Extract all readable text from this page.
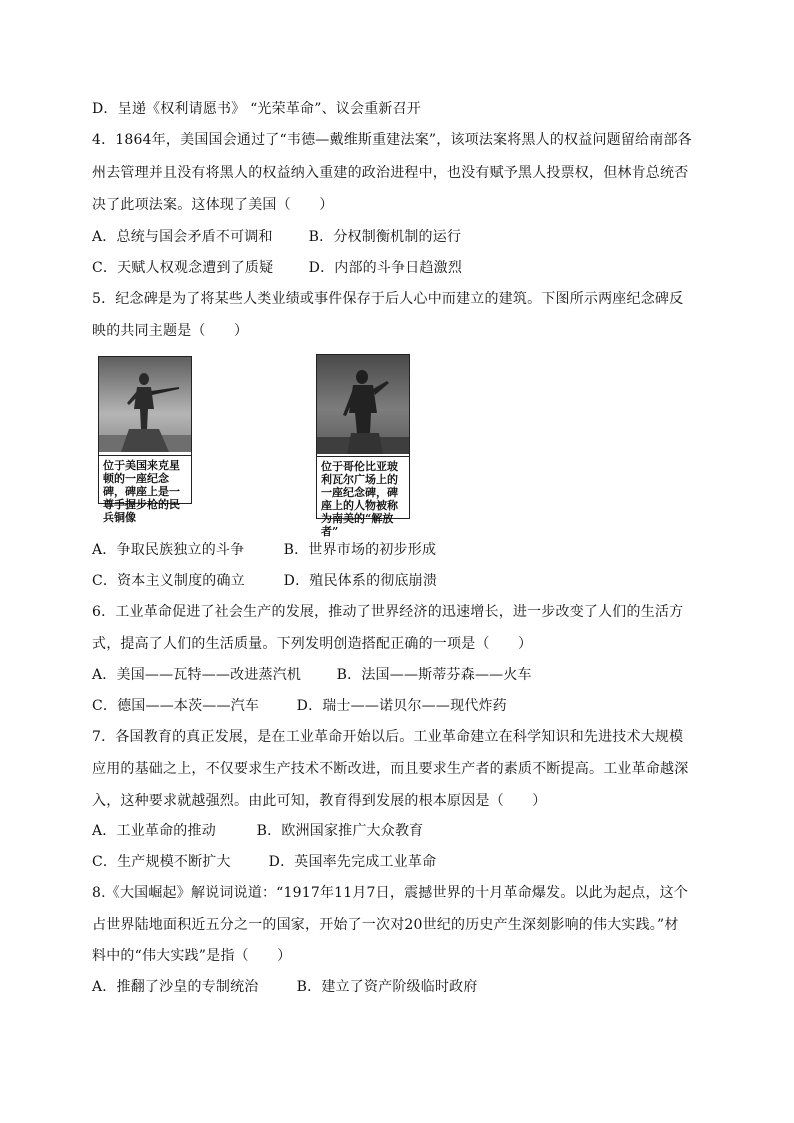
D．呈递《权利请愿书》 “光荣革命”、议会重新召开
4．1864年，美国国会通过了“韦德—戴维斯重建法案”，该项法案将黑人的权益问题留给南部各
州去管理并且没有将黑人的权益纳入重建的政治进程中，也没有赋予黑人投票权，但林肯总统否
决了此项法案。这体现了美国（　　）
A．总统与国会矛盾不可调和	B．分权制衡机制的运行
C．天赋人权观念遭到了质疑	D．内部的斗争日趋激烈
5．纪念碑是为了将某些人类业绩或事件保存于后人心中而建立的建筑。下图所示两座纪念碑反
映的共同主题是（　　）
位于美国来克星顿的一座纪念碑，碑座上是一尊手握步枪的民兵铜像
位于哥伦比亚玻利瓦尔广场上的一座纪念碑，碑座上的人物被称为南美的“解放者”
A．争取民族独立的斗争	B．世界市场的初步形成
C．资本主义制度的确立	D．殖民体系的彻底崩溃
6．工业革命促进了社会生产的发展，推动了世界经济的迅速增长，进一步改变了人们的生活方
式，提高了人们的生活质量。下列发明创造搭配正确的一项是（　　）
A．美国——瓦特——改进蒸汽机	B．法国——斯蒂芬森——火车
C．德国——本茨——汽车	D．瑞士——诺贝尔——现代炸药
7．各国教育的真正发展，是在工业革命开始以后。工业革命建立在科学知识和先进技术大规模
应用的基础之上，不仅要求生产技术不断改进，而且要求生产者的素质不断提高。工业革命越深
入，这种要求就越强烈。由此可知，教育得到发展的根本原因是（　　）
A．工业革命的推动	B．欧洲国家推广大众教育
C．生产规模不断扩大	D．英国率先完成工业革命
8.《大国崛起》解说词说道：“1917年11月7日，震撼世界的十月革命爆发。以此为起点，这个
占世界陆地面积近五分之一的国家，开始了一次对20世纪的历史产生深刻影响的伟大实践。”材
料中的“伟大实践”是指（　　）
A．推翻了沙皇的专制统治	B．建立了资产阶级临时政府
